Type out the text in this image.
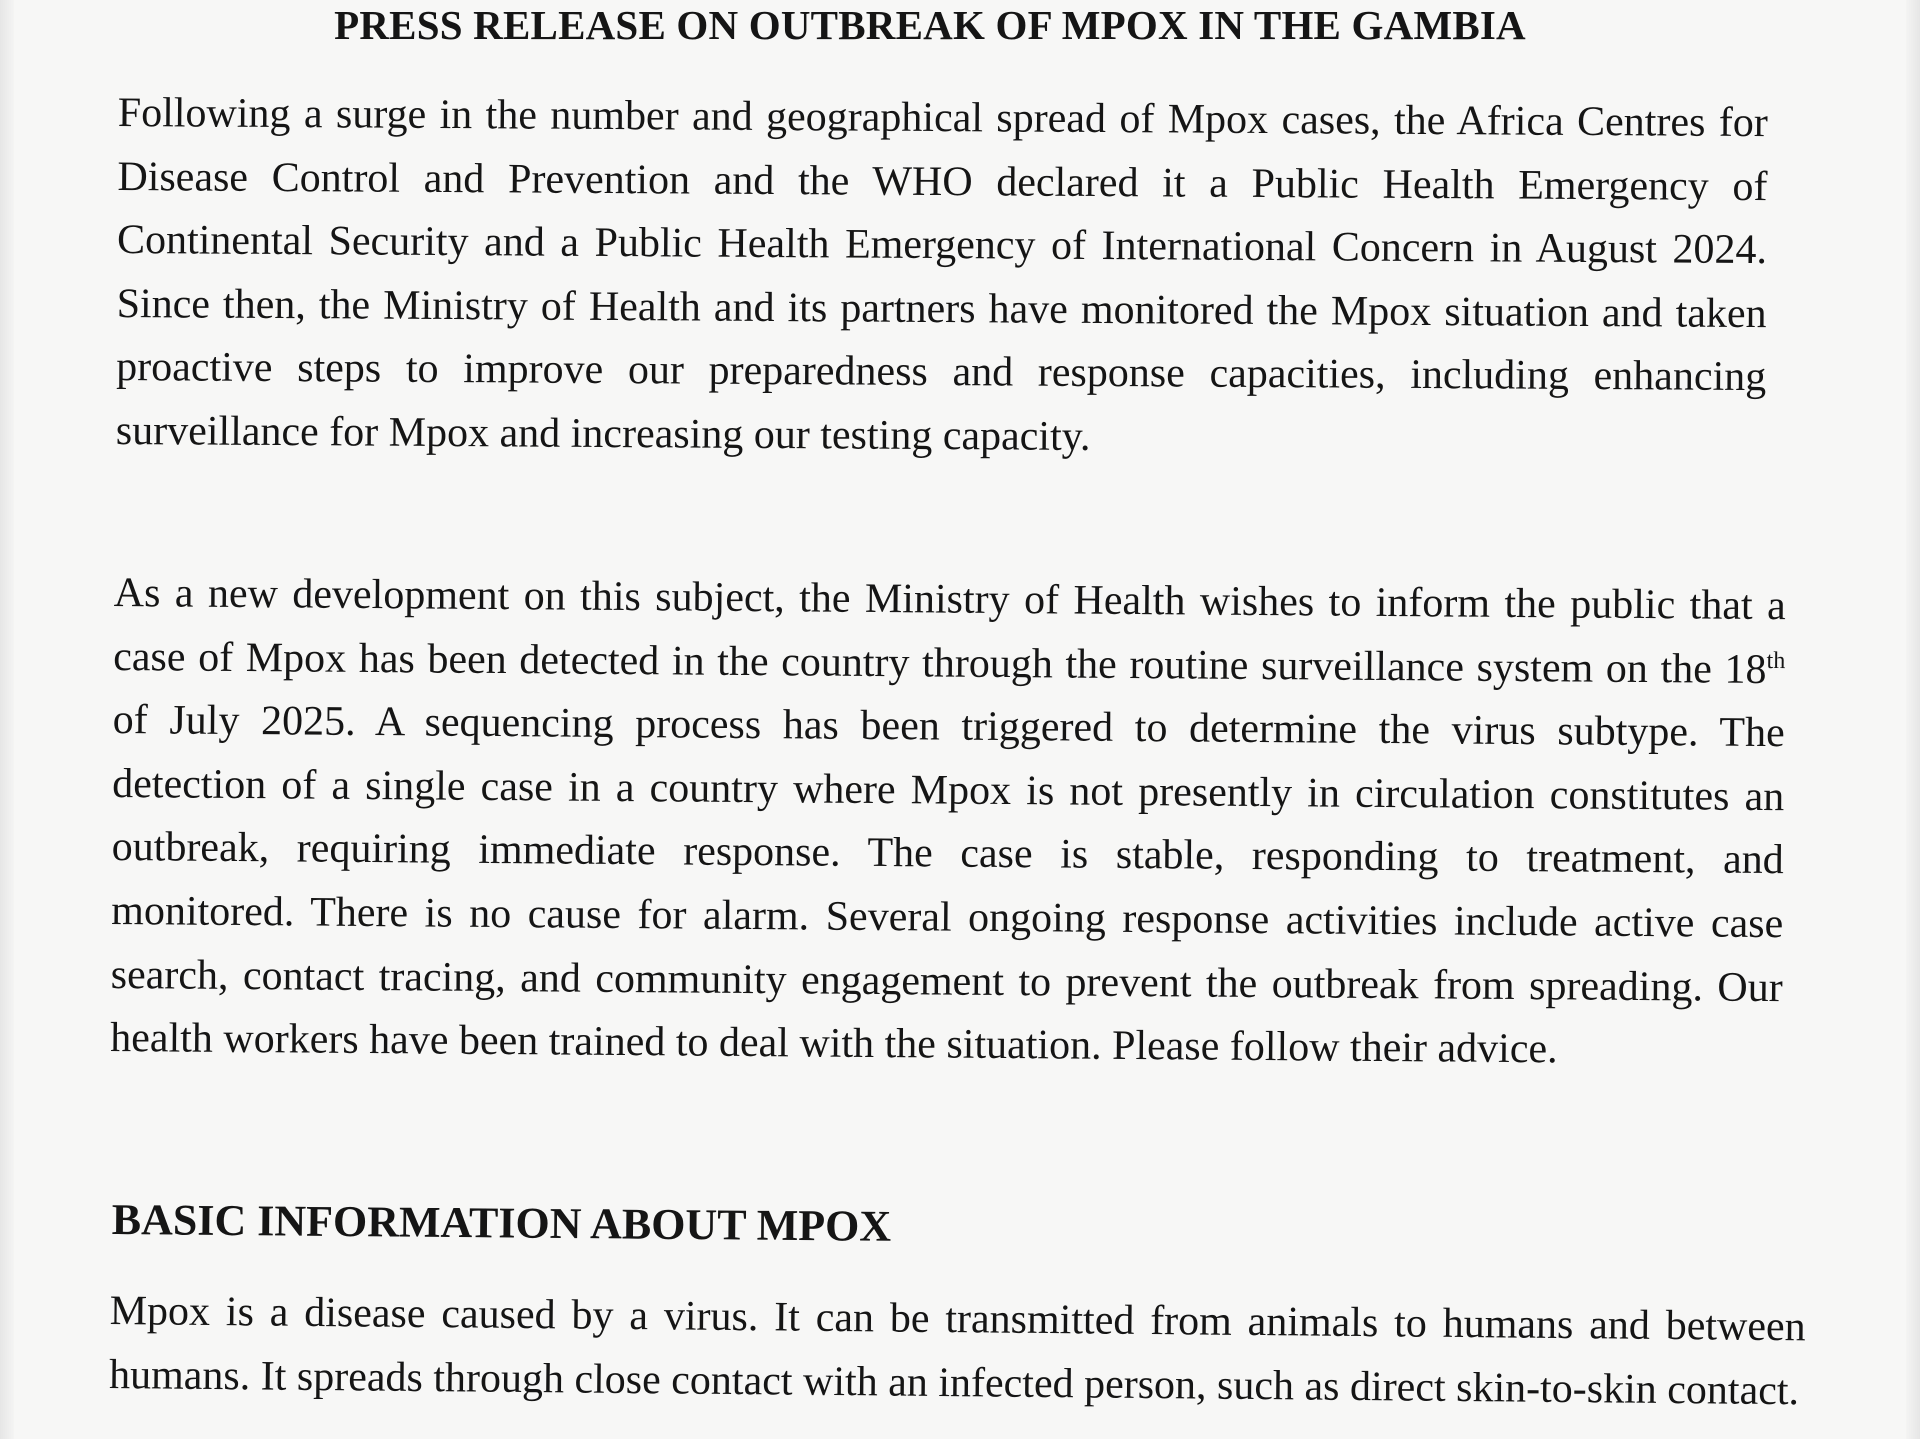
PRESS RELEASE ON OUTBREAK OF MPOX IN THE GAMBIA

Following a surge in the number and geographical spread of Mpox cases, the Africa Centres for Disease Control and Prevention and the WHO declared it a Public Health Emergency of Continental Security and a Public Health Emergency of International Concern in August 2024. Since then, the Ministry of Health and its partners have monitored the Mpox situation and taken proactive steps to improve our preparedness and response capacities, including enhancing surveillance for Mpox and increasing our testing capacity.

As a new development on this subject, the Ministry of Health wishes to inform the public that a case of Mpox has been detected in the country through the routine surveillance system on the 18th of July 2025. A sequencing process has been triggered to determine the virus subtype. The detection of a single case in a country where Mpox is not presently in circulation constitutes an outbreak, requiring immediate response. The case is stable, responding to treatment, and monitored. There is no cause for alarm. Several ongoing response activities include active case search, contact tracing, and community engagement to prevent the outbreak from spreading. Our health workers have been trained to deal with the situation. Please follow their advice.

BASIC INFORMATION ABOUT MPOX

Mpox is a disease caused by a virus. It can be transmitted from animals to humans and between humans. It spreads through close contact with an infected person, such as direct skin-to-skin contact.
